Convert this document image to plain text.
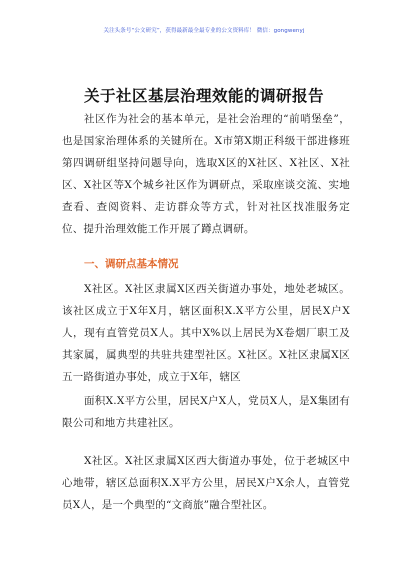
关注头条号“公文研究”，获得最新最全最专业的公文资料库！ 微信：gongwenyj
关于社区基层治理效能的调研报告

社区作为社会的基本单元，是社会治理的“前哨堡垒”，也是国家治理体系的关键所在。X市第X期正科级干部进修班第四调研组坚持问题导向，选取X区的X社区、X社区、X社区、X社区等X个城乡社区作为调研点，采取座谈交流、实地查看、查阅资料、走访群众等方式，针对社区找准服务定位、提升治理效能工作开展了蹲点调研。

一、调研点基本情况

X社区。X社区隶属X区西关街道办事处，地处老城区。该社区成立于X年X月，辖区面积X.X平方公里，居民X户X人，现有直管党员X人。其中X%以上居民为X卷烟厂职工及其家属，属典型的共驻共建型社区。X社区。X社区隶属X区五一路街道办事处，成立于X年，辖区

面积X.X平方公里，居民X户X人，党员X人，是X集团有限公司和地方共建社区。

X社区。X社区隶属X区西大街道办事处，位于老城区中心地带，辖区总面积X.X平方公里，居民X户X余人，直管党员X人，是一个典型的“文商旅”融合型社区。
